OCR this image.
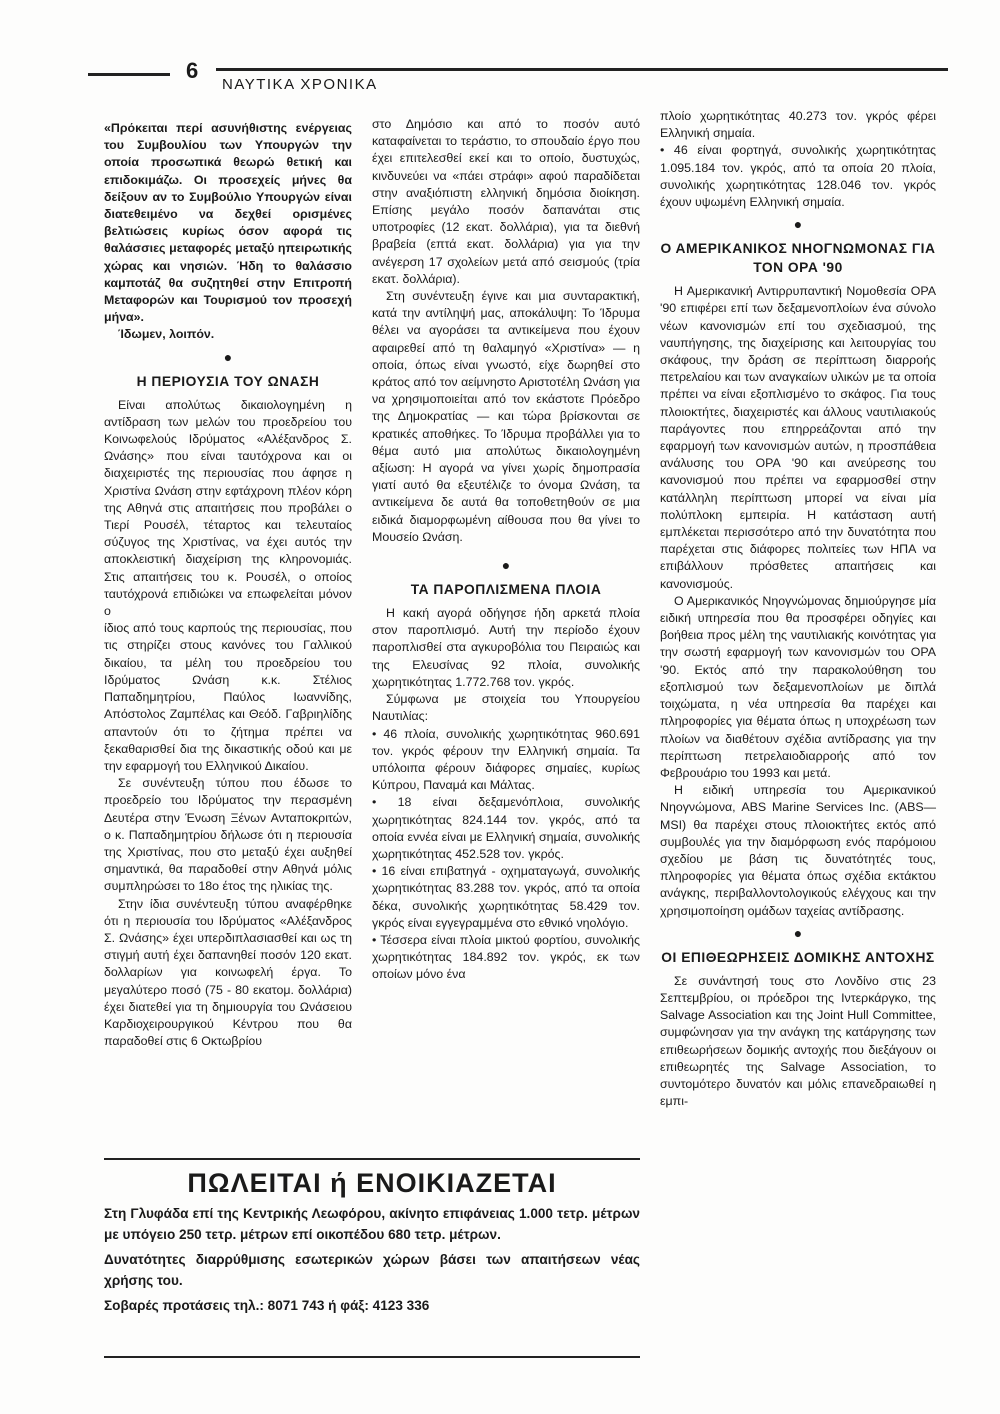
6
ΝΑΥΤΙΚΑ ΧΡΟΝΙΚΑ

«Πρόκειται περί ασυνήθιστης ενέργειας του Συμβουλίου των Υπουργών την οποία προσωπικά θεωρώ θετική και επιδοκιμάζω. Οι προσεχείς μήνες θα δείξουν αν το Συμβούλιο Υπουργών είναι διατεθειμένο να δεχθεί ορισμένες βελτιώσεις κυρίως όσον αφορά τις θαλάσσιες μεταφορές μεταξύ ηπειρωτικής χώρας και νησιών. Ήδη το θαλάσσιο καμποτάζ θα συζητηθεί στην Επιτροπή Μεταφορών και Τουρισμού τον προσεχή μήνα».

Ίδωμεν, λοιπόν.

●

Η ΠΕΡΙΟΥΣΙΑ ΤΟΥ ΩΝΑΣΗ

Είναι απολύτως δικαιολογημένη η αντίδραση των μελών του προεδρείου του Κοινωφελούς Ιδρύματος «Αλέξανδρος Σ. Ωνάσης» που είναι ταυτόχρονα και οι διαχειριστές της περιουσίας που άφησε η Χριστίνα Ωνάση στην εφτάχρονη πλέον κόρη της Αθηνά στις απαιτήσεις που προβάλει ο Τιερί Ρουσέλ, τέταρτος και τελευταίος σύζυγος της Χριστίνας, να έχει αυτός την αποκλειστική διαχείριση της κληρονομιάς. Στις απαιτήσεις του κ. Ρουσέλ, ο οποίος ταυτόχρονά επιδιώκει να επωφελείται μόνον ο

ίδιος από τους καρπούς της περιουσίας, που τις στηρίζει στους κανόνες του Γαλλικού δικαίου, τα μέλη του προεδρείου του Ιδρύματος Ωνάση κ.κ. Στέλιος Παπαδημητρίου, Παύλος Ιωαννίδης, Απόστολος Ζαμπέλας και Θεόδ. Γαβριηλίδης απαντούν ότι το ζήτημα πρέπει να ξεκαθαρισθεί δια της δικαστικής οδού και με την εφαρμογή του Ελληνικού Δικαίου.

Σε συνέντευξη τύπου που έδωσε το προεδρείο του Ιδρύματος την περασμένη Δευτέρα στην Ένωση Ξένων Ανταποκριτών, ο κ. Παπαδημητρίου δήλωσε ότι η περιουσία της Χριστίνας, που στο μεταξύ έχει αυξηθεί σημαντικά, θα παραδοθεί στην Αθηνά μόλις συμπληρώσει το 18ο έτος της ηλικίας της.

Στην ίδια συνέντευξη τύπου αναφέρθηκε ότι η περιουσία του Ιδρύματος «Αλέξανδρος Σ. Ωνάσης» έχει υπερδιπλασιασθεί και ως τη στιγμή αυτή έχει δαπανηθεί ποσόν 120 εκατ. δολλαρίων για κοινωφελή έργα. Το μεγαλύτερο ποσό (75 - 80 εκατομ. δολλάρια) έχει διατεθεί για τη δημιουργία του Ωνάσειου Καρδιοχειρουργικού Κέντρου που θα παραδοθεί στις 6 Οκτωβρίου

στο Δημόσιο και από το ποσόν αυτό καταφαίνεται το τεράστιο, το σπουδαίο έργο που έχει επιτελεσθεί εκεί και το οποίο, δυστυχώς, κινδυνεύει να «πάει στράφι» αφού παραδίδεται στην αναξιόπιστη ελληνική δημόσια διοίκηση. Επίσης μεγάλο ποσόν δαπανάται στις υποτροφίες (12 εκατ. δολλάρια), για τα διεθνή βραβεία (επτά εκατ. δολλάρια) για για την ανέγερση 17 σχολείων μετά από σεισμούς (τρία εκατ. δολλάρια).

Στη συνέντευξη έγινε και μια συνταρακτική, κατά την αντίληψή μας, αποκάλυψη: Το Ίδρυμα θέλει να αγοράσει τα αντικείμενα που έχουν αφαιρεθεί από τη θαλαμηγό «Χριστίνα» — η οποία, όπως είναι γνωστό, είχε δωρηθεί στο κράτος από τον αείμνηστο Αριστοτέλη Ωνάση για να χρησιμοποιείται από τον εκάστοτε Πρόεδρο της Δημοκρατίας — και τώρα βρίσκονται σε κρατικές αποθήκες. Το Ίδρυμα προβάλλει για το θέμα αυτό μια απολύτως δικαιολογημένη αξίωση: Η αγορά να γίνει χωρίς δημοπρασία γιατί αυτό θα εξευτέλιζε το όνομα Ωνάση, τα αντικείμενα δε αυτά θα τοποθετηθούν σε μια ειδικά διαμορφωμένη αίθουσα που θα γίνει το Μουσείο Ωνάση.

●

ΤΑ ΠΑΡΟΠΛΙΣΜΕΝΑ ΠΛΟΙΑ

Η κακή αγορά οδήγησε ήδη αρκετά πλοία στον παροπλισμό. Αυτή την περίοδο έχουν παροπλισθεί στα αγκυροβόλια του Πειραιώς και της Ελευσίνας 92 πλοία, συνολικής χωρητικότητας 1.772.768 τον. γκρός.

Σύμφωνα με στοιχεία του Υπουργείου Ναυτιλίας:

• 46 πλοία, συνολικής χωρητικότητας 960.691 τον. γκρός φέρουν την Ελληνική σημαία. Τα υπόλοιπα φέρουν διάφορες σημαίες, κυρίως Κύπρου, Παναμά και Μάλτας.

• 18 είναι δεξαμενόπλοια, συνολικής χωρητικότητας 824.144 τον. γκρός, από τα οποία εννέα είναι με Ελληνική σημαία, συνολικής χωρητικότητας 452.528 τον. γκρός.

• 16 είναι επιβατηγά - οχηματαγωγά, συνολικής χωρητικότητας 83.288 τον. γκρός, από τα οποία δέκα, συνολικής χωρητικότητας 58.429 τον. γκρός είναι εγγεγραμμένα στο εθνικό νηολόγιο.

• Τέσσερα είναι πλοία μικτού φορτίου, συνολικής χωρητικότητας 184.892 τον. γκρός, εκ των οποίων μόνο ένα

πλοίο χωρητικότητας 40.273 τον. γκρός φέρει Ελληνική σημαία.

• 46 είναι φορτηγά, συνολικής χωρητικότητας 1.095.184 τον. γκρός, από τα οποία 20 πλοία, συνολικής χωρητικότητας 128.046 τον. γκρός έχουν υψωμένη Ελληνική σημαία.

●

Ο ΑΜΕΡΙΚΑΝΙΚΟΣ ΝΗΟΓΝΩΜΟΝΑΣ ΓΙΑ ΤΟΝ ΟΡΑ '90

Η Αμερικανική Αντιρρυπαντική Νομοθεσία ΟΡΑ '90 επιφέρει επί των δεξαμενοπλοίων ένα σύνολο νέων κανονισμών επί του σχεδιασμού, της ναυπήγησης, της διαχείρισης και λειτουργίας του σκάφους, την δράση σε περίπτωση διαρροής πετρελαίου και των αναγκαίων υλικών με τα οποία πρέπει να είναι εξοπλισμένο το σκάφος. Για τους πλοιοκτήτες, διαχειριστές και άλλους ναυτιλιακούς παράγοντες που επηρρεάζονται από την εφαρμογή των κανονισμών αυτών, η προσπάθεια ανάλυσης του ΟΡΑ '90 και ανεύρεσης του κανονισμού που πρέπει να εφαρμοσθεί στην κατάλληλη περίπτωση μπορεί να είναι μία πολύπλοκη εμπειρία. Η κατάσταση αυτή εμπλέκεται περισσότερο από την δυνατότητα που παρέχεται στις διάφορες πολιτείες των ΗΠΑ να επιβάλλουν πρόσθετες απαιτήσεις και κανονισμούς.

Ο Αμερικανικός Νηογνώμονας δημιούργησε μία ειδική υπηρεσία που θα προσφέρει οδηγίες και βοήθεια προς μέλη της ναυτιλιακής κοινότητας για την σωστή εφαρμογή των κανονισμών του ΟΡΑ '90. Εκτός από την παρακολούθηση του εξοπλισμού των δεξαμενοπλοίων με διπλά τοιχώματα, η νέα υπηρεσία θα παρέχει και πληροφορίες για θέματα όπως η υποχρέωση των πλοίων να διαθέτουν σχέδια αντίδρασης για την περίπτωση πετρελαιοδιαρροής από τον Φεβρουάριο του 1993 και μετά.

Η ειδική υπηρεσία του Αμερικανικού Νηογνώμονα, ABS Marine Services Inc. (ABS—MSI) θα παρέχει στους πλοιοκτήτες εκτός από συμβουλές για την διαμόρφωση ενός παρόμοιου σχεδίου με βάση τις δυνατότητές τους, πληροφορίες για θέματα όπως σχέδια εκτάκτου ανάγκης, περιβαλλοντολογικούς ελέγχους και την χρησιμοποίηση ομάδων ταχείας αντίδρασης.

●

ΟΙ ΕΠΙΘΕΩΡΗΣΕΙΣ ΔΟΜΙΚΗΣ ΑΝΤΟΧΗΣ

Σε συνάντησή τους στο Λονδίνο στις 23 Σεπτεμβρίου, οι πρόεδροι της Ιντερκάργκο, της Salvage Association και της Joint Hull Committee, συμφώνησαν για την ανάγκη της κατάργησης των επιθεωρήσεων δομικής αντοχής που διεξάγουν οι επιθεωρητές της Salvage Association, το συντομότερο δυνατόν και μόλις επανεδραιωθεί η εμπι-

ΠΩΛΕΙΤΑΙ ή ΕΝΟΙΚΙΑΖΕΤΑΙ

Στη Γλυφάδα επί της Κεντρικής Λεωφόρου, ακίνητο επιφάνειας 1.000 τετρ. μέτρων με υπόγειο 250 τετρ. μέτρων επί οικοπέδου 680 τετρ. μέτρων.

Δυνατότητες διαρρύθμισης εσωτερικών χώρων βάσει των απαιτήσεων νέας χρήσης του.

Σοβαρές προτάσεις τηλ.: 8071 743 ή φάξ: 4123 336
